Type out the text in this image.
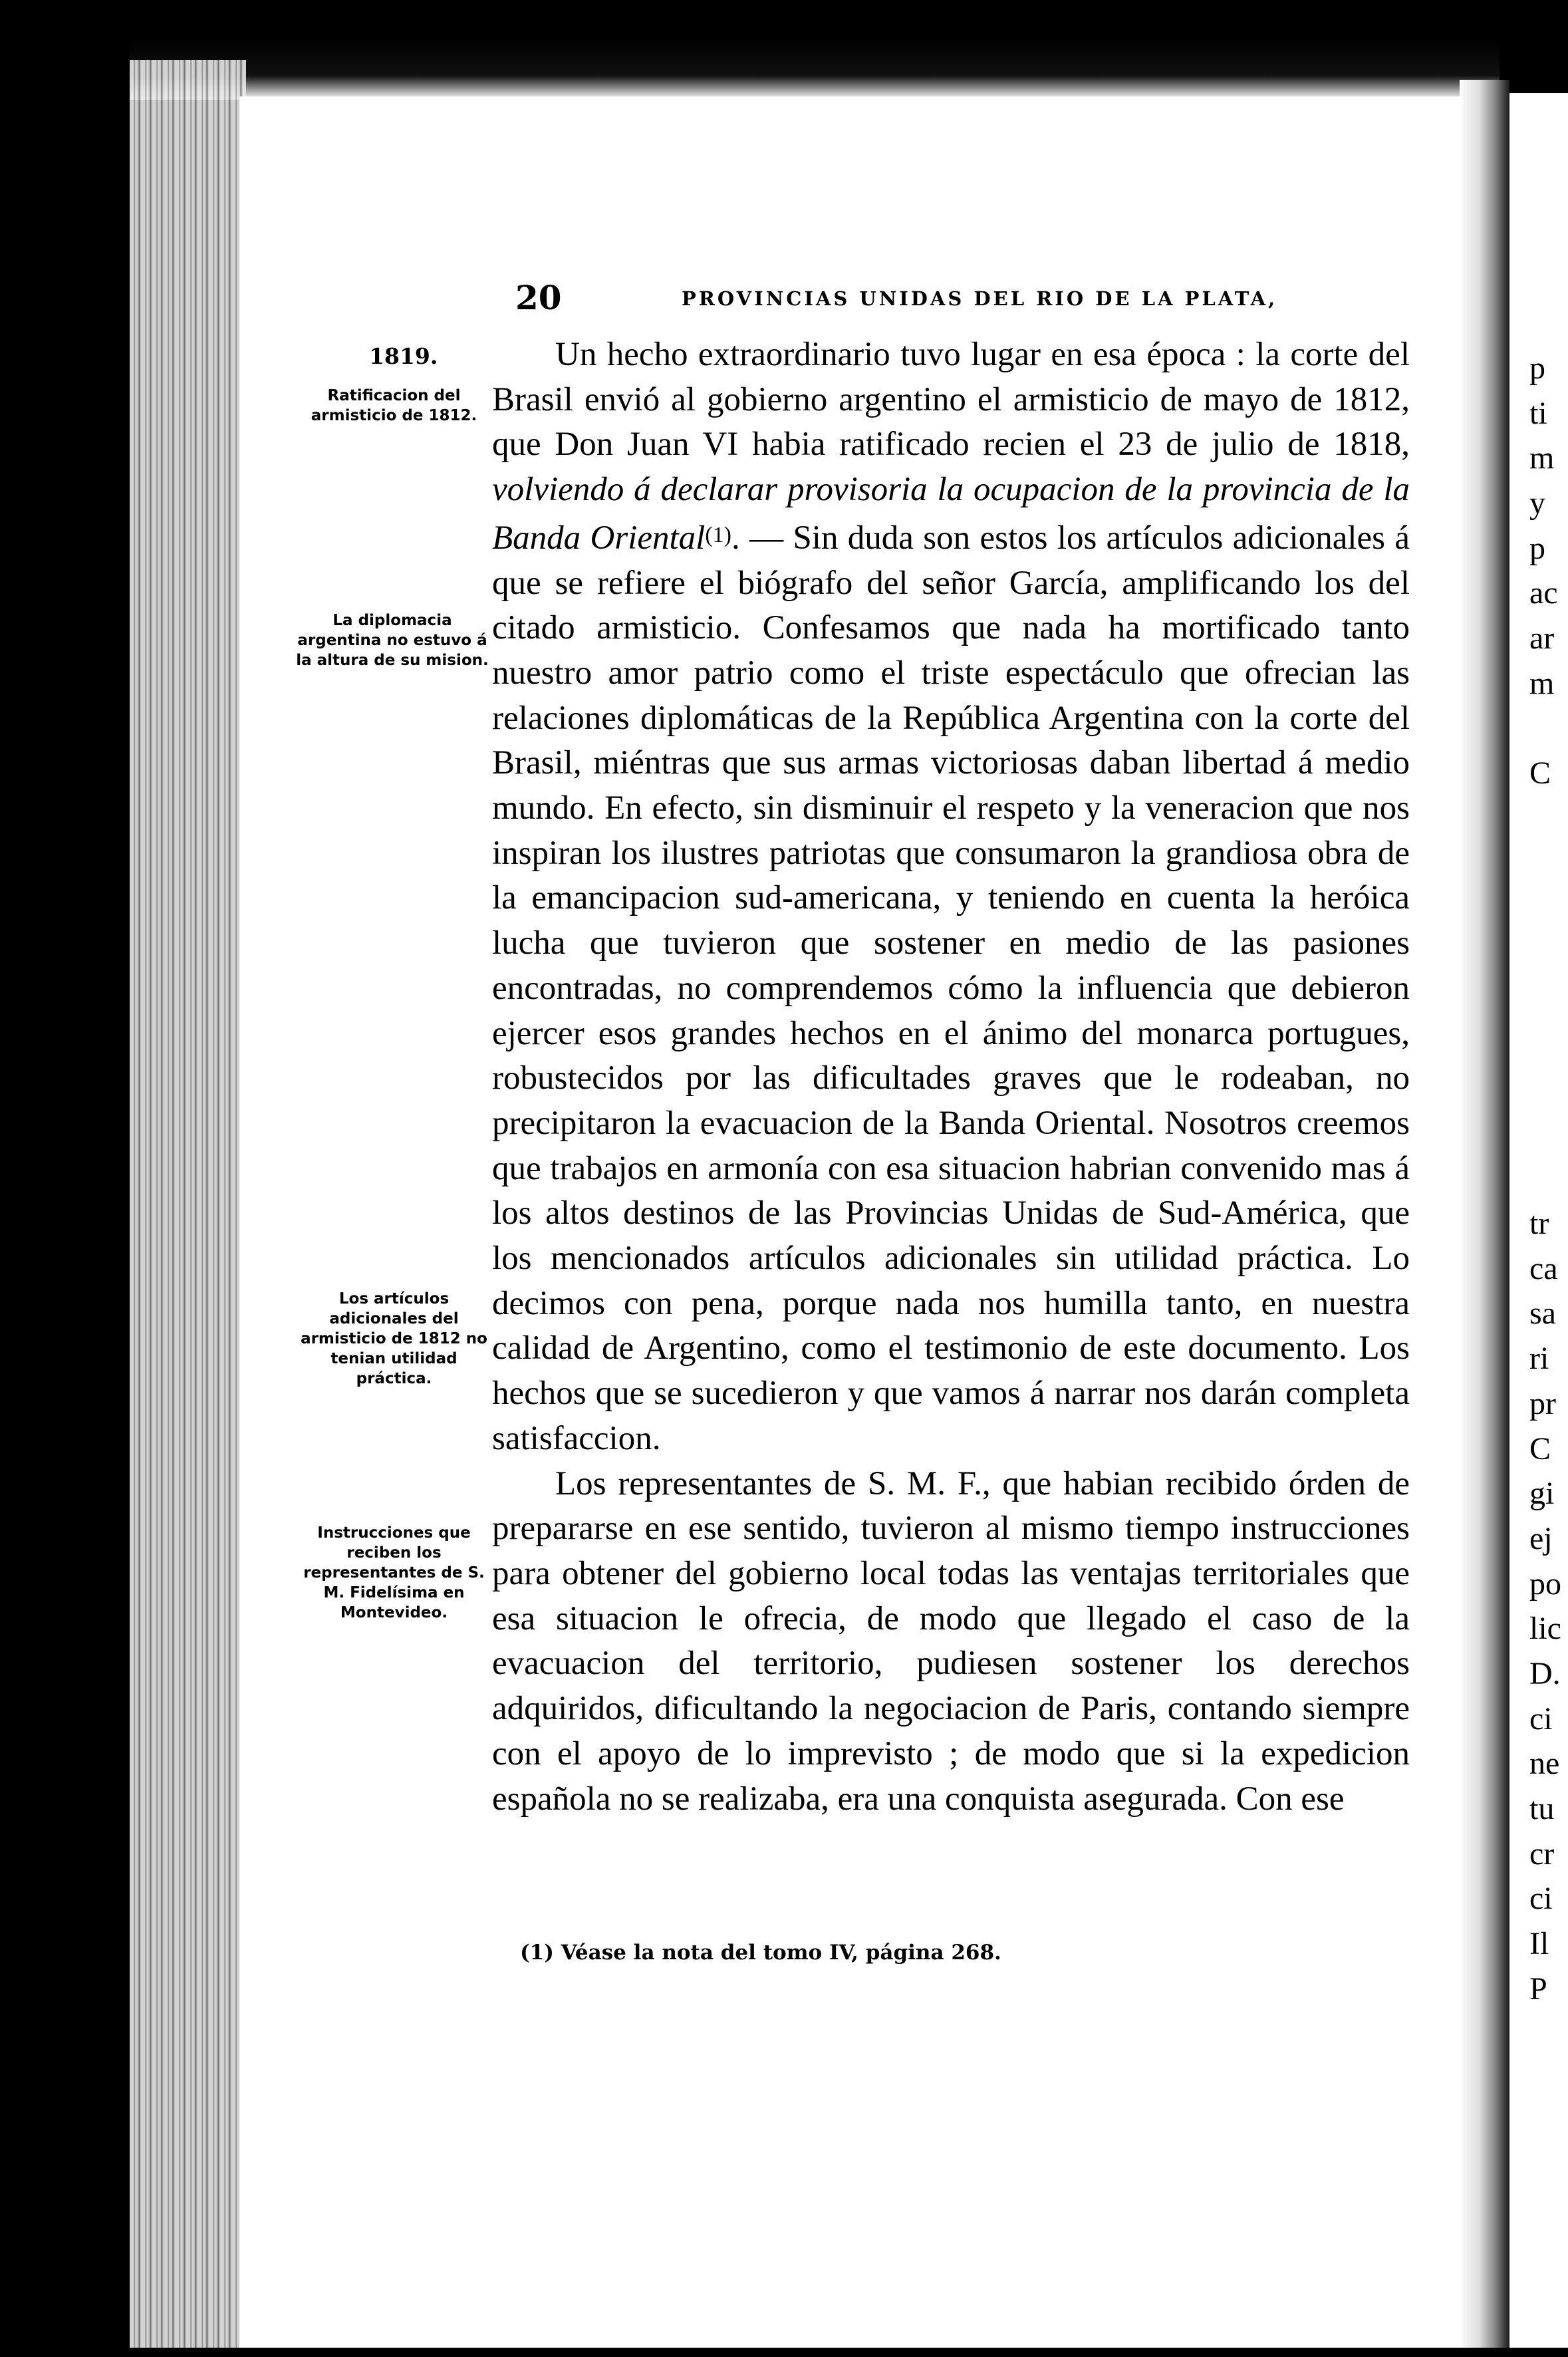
20	PROVINCIAS UNIDAS DEL RIO DE LA PLATA,
1819.
Ratificacion del armisticio de 1812.
La diplomacia argentina no estuvo á la altura de su mision.
Los artículos adicionales del armisticio de 1812 no tenian utilidad práctica.
Instrucciones que reciben los representantes de S. M. Fidelísima en Montevideo.

Un hecho extraordinario tuvo lugar en esa época : la corte del Brasil envió al gobierno argentino el armisticio de mayo de 1812, que Don Juan VI habia ratificado recien el 23 de julio de 1818, volviendo á declarar provisoria la ocupacion de la provincia de la Banda Oriental(1). — Sin duda son estos los artículos adicionales á que se refiere el biógrafo del señor García, amplificando los del citado armisticio. Confesamos que nada ha mortificado tanto nuestro amor patrio como el triste espectáculo que ofrecian las relaciones diplomáticas de la República Argentina con la corte del Brasil, miéntras que sus armas victoriosas daban libertad á medio mundo. En efecto, sin disminuir el respeto y la veneracion que nos inspiran los ilustres patriotas que consumaron la grandiosa obra de la emancipacion sud-americana, y teniendo en cuenta la heróica lucha que tuvieron que sostener en medio de las pasiones encontradas, no comprendemos cómo la influencia que debieron ejercer esos grandes hechos en el ánimo del monarca portugues, robustecidos por las dificultades graves que le rodeaban, no precipitaron la evacuacion de la Banda Oriental. Nosotros creemos que trabajos en armonía con esa situacion habrian convenido mas á los altos destinos de las Provincias Unidas de Sud-América, que los mencionados artículos adicionales sin utilidad práctica. Lo decimos con pena, porque nada nos humilla tanto, en nuestra calidad de Argentino, como el testimonio de este documento. Los hechos que se sucedieron y que vamos á narrar nos darán completa satisfaccion.

Los representantes de S. M. F., que habian recibido órden de prepararse en ese sentido, tuvieron al mismo tiempo instrucciones para obtener del gobierno local todas las ventajas territoriales que esa situacion le ofrecia, de modo que llegado el caso de la evacuacion del territorio, pudiesen sostener los derechos adquiridos, dificultando la negociacion de Paris, contando siempre con el apoyo de lo imprevisto ; de modo que si la expedicion española no se realizaba, era una conquista asegurada. Con ese

(1) Véase la nota del tomo IV, página 268.
p
ti
m
y
p
ac
ar
m
C
tr
ca
sa
ri
pr
C
gi
ej
po
lic
D.
ci
ne
tu
cr
ci
Il
P
